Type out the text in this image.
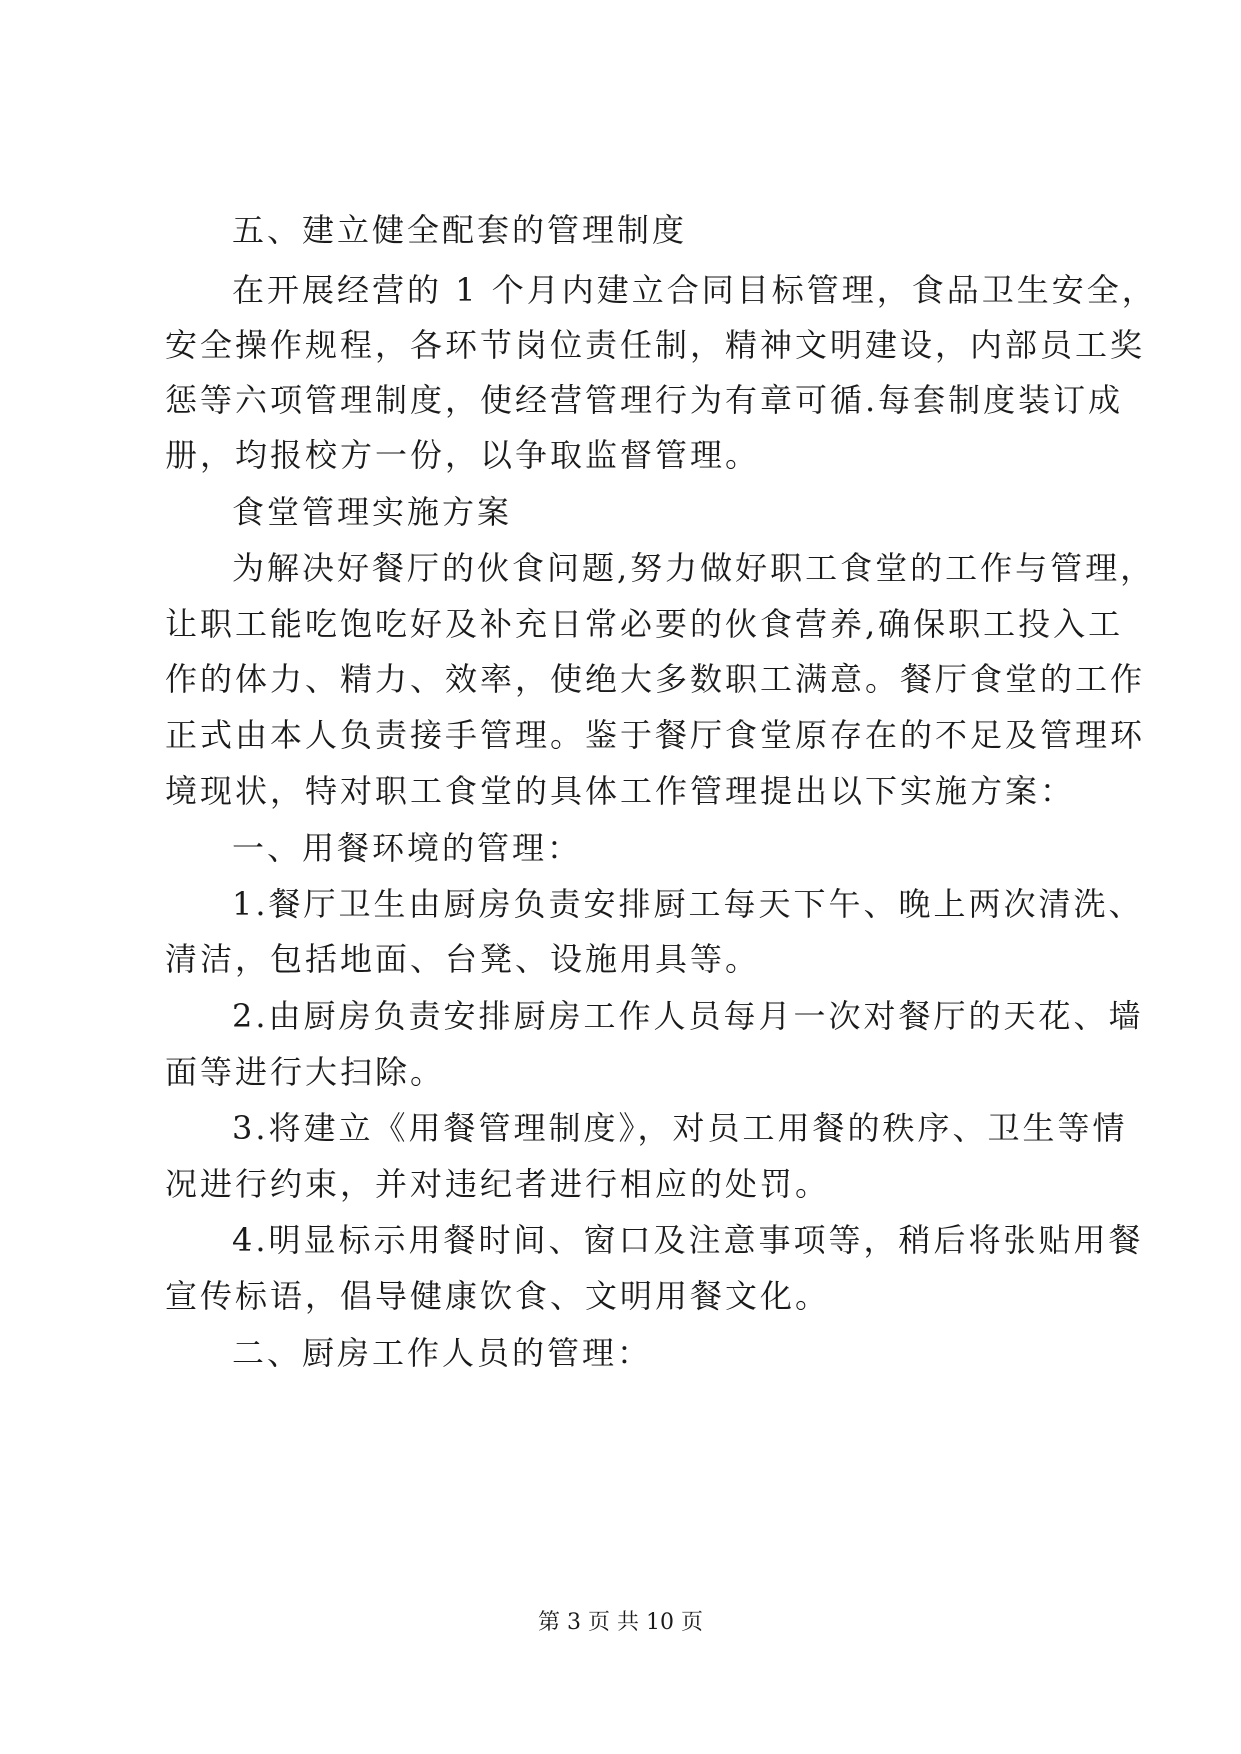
五、建立健全配套的管理制度
在开展经营的 1 个月内建立合同目标管理，食品卫生安全，
安全操作规程，各环节岗位责任制，精神文明建设，内部员工奖
惩等六项管理制度，使经营管理行为有章可循.每套制度装订成
册，均报校方一份，以争取监督管理。
食堂管理实施方案
为解决好餐厅的伙食问题,努力做好职工食堂的工作与管理，
让职工能吃饱吃好及补充日常必要的伙食营养,确保职工投入工
作的体力、精力、效率，使绝大多数职工满意。餐厅食堂的工作
正式由本人负责接手管理。鉴于餐厅食堂原存在的不足及管理环
境现状，特对职工食堂的具体工作管理提出以下实施方案：
一、用餐环境的管理：
1.餐厅卫生由厨房负责安排厨工每天下午、晚上两次清洗、
清洁，包括地面、台凳、设施用具等。
2.由厨房负责安排厨房工作人员每月一次对餐厅的天花、墙
面等进行大扫除。
3.将建立《用餐管理制度》，对员工用餐的秩序、卫生等情
况进行约束，并对违纪者进行相应的处罚。
4.明显标示用餐时间、窗口及注意事项等，稍后将张贴用餐
宣传标语，倡导健康饮食、文明用餐文化。
二、厨房工作人员的管理：
第 3 页 共 10 页
